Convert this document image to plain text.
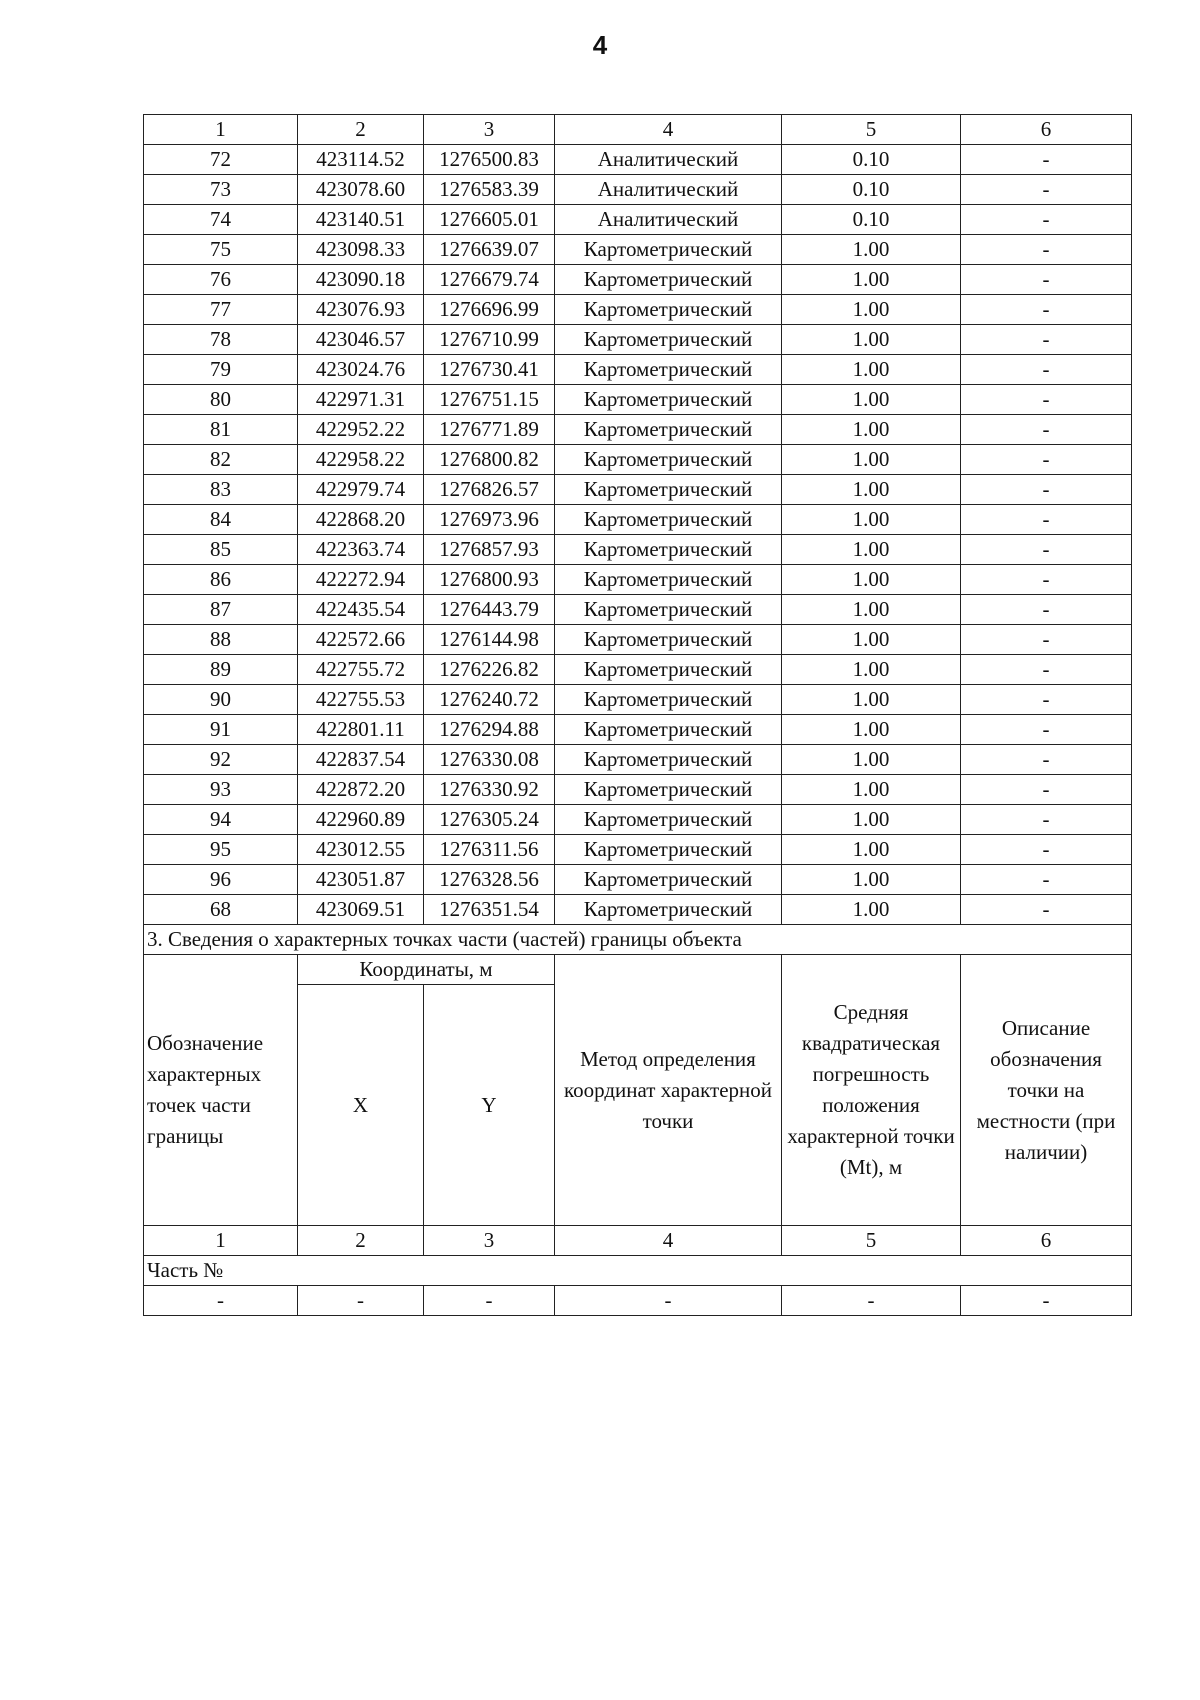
4
1	2	3	4	5	6
72	423114.52	1276500.83	Аналитический	0.10	-
73	423078.60	1276583.39	Аналитический	0.10	-
74	423140.51	1276605.01	Аналитический	0.10	-
75	423098.33	1276639.07	Картометрический	1.00	-
76	423090.18	1276679.74	Картометрический	1.00	-
77	423076.93	1276696.99	Картометрический	1.00	-
78	423046.57	1276710.99	Картометрический	1.00	-
79	423024.76	1276730.41	Картометрический	1.00	-
80	422971.31	1276751.15	Картометрический	1.00	-
81	422952.22	1276771.89	Картометрический	1.00	-
82	422958.22	1276800.82	Картометрический	1.00	-
83	422979.74	1276826.57	Картометрический	1.00	-
84	422868.20	1276973.96	Картометрический	1.00	-
85	422363.74	1276857.93	Картометрический	1.00	-
86	422272.94	1276800.93	Картометрический	1.00	-
87	422435.54	1276443.79	Картометрический	1.00	-
88	422572.66	1276144.98	Картометрический	1.00	-
89	422755.72	1276226.82	Картометрический	1.00	-
90	422755.53	1276240.72	Картометрический	1.00	-
91	422801.11	1276294.88	Картометрический	1.00	-
92	422837.54	1276330.08	Картометрический	1.00	-
93	422872.20	1276330.92	Картометрический	1.00	-
94	422960.89	1276305.24	Картометрический	1.00	-
95	423012.55	1276311.56	Картометрический	1.00	-
96	423051.87	1276328.56	Картометрический	1.00	-
68	423069.51	1276351.54	Картометрический	1.00	-
3. Сведения о характерных точках части (частей) границы объекта					
Обозначение характерных точек части границы	Координаты, м		Метод определения координат характерной точки	Средняя квадратическая погрешность положения характерной точки (Mt), м	Описание обозначения точки на местности (при наличии)
	X	Y			
1	2	3	4	5	6
Часть №					
-	-	-	-	-	-
